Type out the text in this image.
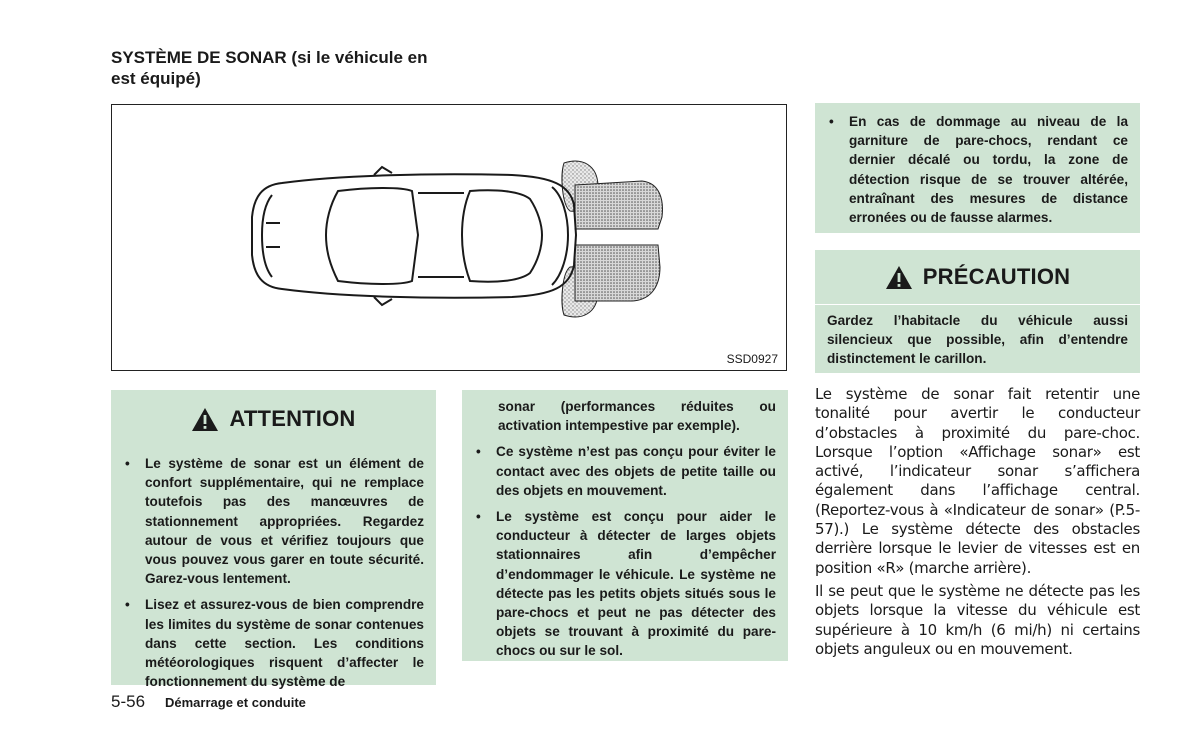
SYSTÈME DE SONAR (si le véhicule en est équipé)
SSD0927
ATTENTION
• Le système de sonar est un élément de confort supplémentaire, qui ne remplace toutefois pas des manœuvres de stationnement appropriées. Regardez autour de vous et vérifiez toujours que vous pouvez vous garer en toute sécurité. Garez-vous lentement.
• Lisez et assurez-vous de bien comprendre les limites du système de sonar contenues dans cette section. Les conditions météorologiques risquent d’affecter le fonctionnement du système de
sonar (performances réduites ou activation intempestive par exemple).
• Ce système n’est pas conçu pour éviter le contact avec des objets de petite taille ou des objets en mouvement.
• Le système est conçu pour aider le conducteur à détecter de larges objets stationnaires afin d’empêcher d’endommager le véhicule. Le système ne détecte pas les petits objets situés sous le pare-chocs et peut ne pas détecter des objets se trouvant à proximité du pare-chocs ou sur le sol.
• En cas de dommage au niveau de la garniture de pare-chocs, rendant ce dernier décalé ou tordu, la zone de détection risque de se trouver altérée, entraînant des mesures de distance erronées ou de fausse alarmes.
PRÉCAUTION
Gardez l’habitacle du véhicule aussi silencieux que possible, afin d’entendre distinctement le carillon.
Le système de sonar fait retentir une tonalité pour avertir le conducteur d’obstacles à proximité du pare-choc. Lorsque l’option «Affichage sonar» est activé, l’indicateur sonar s’affichera également dans l’affichage central. (Reportez-vous à «Indicateur de sonar» (P.5-57).) Le système détecte des obstacles derrière lorsque le levier de vitesses est en position «R» (marche arrière).
Il se peut que le système ne détecte pas les objets lorsque la vitesse du véhicule est supérieure à 10 km/h (6 mi/h) ni certains objets anguleux ou en mouvement.
5-56 Démarrage et conduite
